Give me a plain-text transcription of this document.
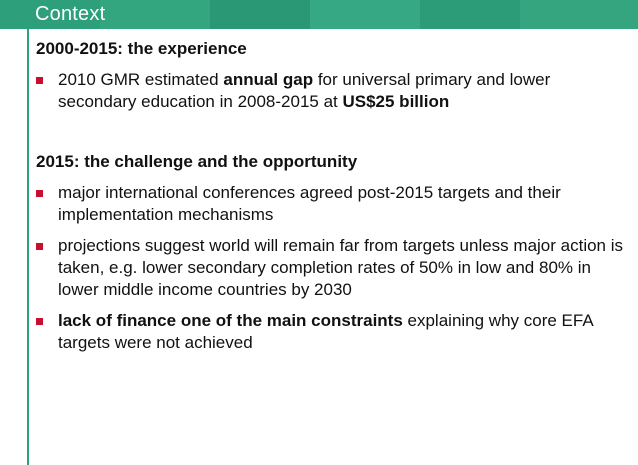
Context

2000-2015: the experience

2010 GMR estimated annual gap for universal primary and lower secondary education in 2008-2015 at US$25 billion

2015: the challenge and the opportunity

major international conferences agreed post-2015 targets and their implementation mechanisms
projections suggest world will remain far from targets unless major action is taken, e.g. lower secondary completion rates of 50% in low and 80% in lower middle income countries by 2030
lack of finance one of the main constraints explaining why core EFA targets were not achieved
